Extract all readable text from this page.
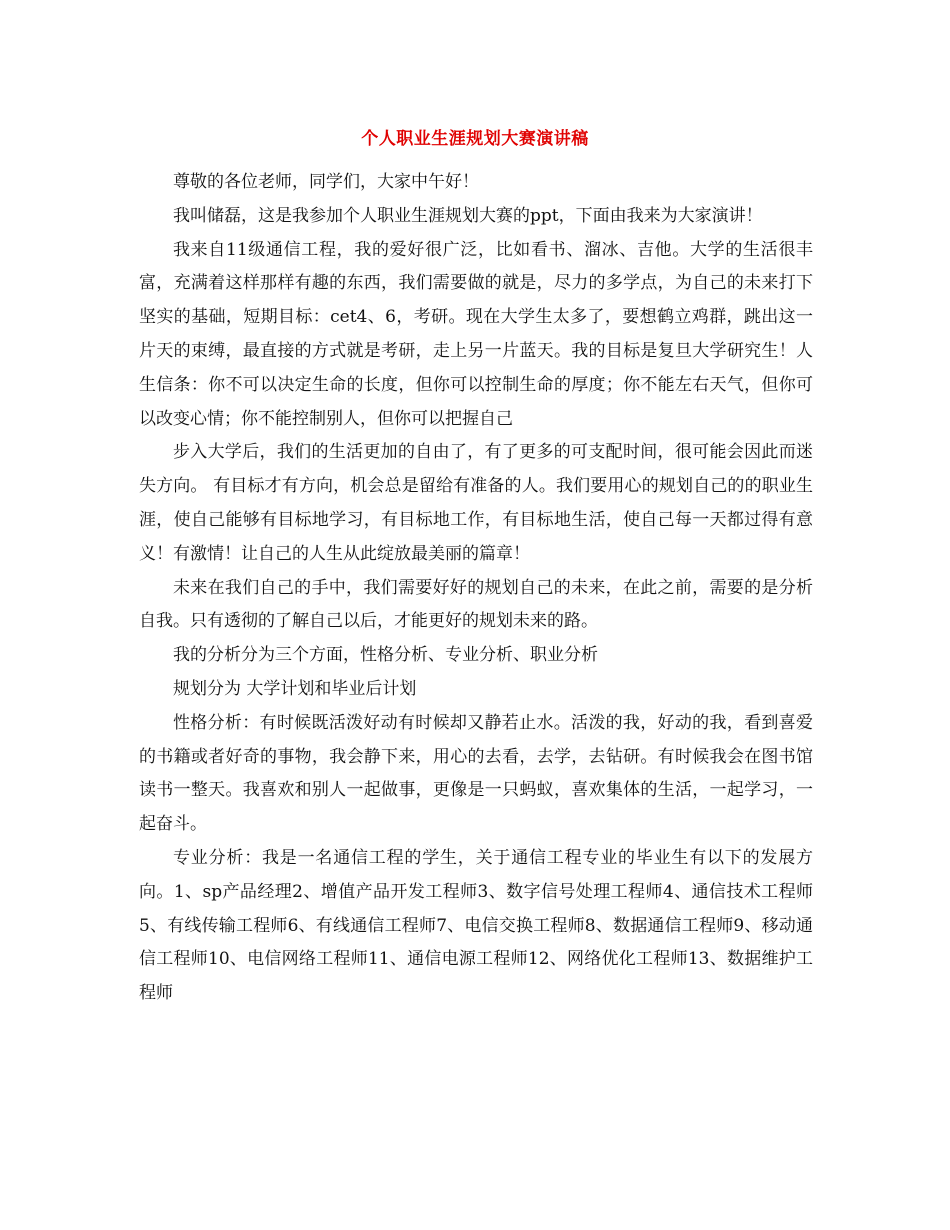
个人职业生涯规划大赛演讲稿

尊敬的各位老师，同学们，大家中午好！

我叫储磊，这是我参加个人职业生涯规划大赛的ppt，下面由我来为大家演讲！

我来自11级通信工程，我的爱好很广泛，比如看书、溜冰、吉他。大学的生活很丰富，充满着这样那样有趣的东西，我们需要做的就是，尽力的多学点，为自己的未来打下坚实的基础，短期目标：cet4、6，考研。现在大学生太多了，要想鹤立鸡群，跳出这一片天的束缚，最直接的方式就是考研，走上另一片蓝天。我的目标是复旦大学研究生！人生信条：你不可以决定生命的长度，但你可以控制生命的厚度；你不能左右天气，但你可以改变心情；你不能控制别人，但你可以把握自己

步入大学后，我们的生活更加的自由了，有了更多的可支配时间，很可能会因此而迷失方向。 有目标才有方向，机会总是留给有准备的人。我们要用心的规划自己的的职业生涯，使自己能够有目标地学习，有目标地工作，有目标地生活，使自己每一天都过得有意义！有激情！让自己的人生从此绽放最美丽的篇章！

未来在我们自己的手中，我们需要好好的规划自己的未来，在此之前，需要的是分析自我。只有透彻的了解自己以后，才能更好的规划未来的路。

我的分析分为三个方面，性格分析、专业分析、职业分析

规划分为 大学计划和毕业后计划

性格分析：有时候既活泼好动有时候却又静若止水。活泼的我，好动的我，看到喜爱的书籍或者好奇的事物，我会静下来，用心的去看，去学，去钻研。有时候我会在图书馆读书一整天。我喜欢和别人一起做事，更像是一只蚂蚁，喜欢集体的生活，一起学习，一起奋斗。

专业分析：我是一名通信工程的学生，关于通信工程专业的毕业生有以下的发展方向。1、sp产品经理2、增值产品开发工程师3、数字信号处理工程师4、通信技术工程师5、有线传输工程师6、有线通信工程师7、电信交换工程师8、数据通信工程师9、移动通信工程师10、电信网络工程师11、通信电源工程师12、网络优化工程师13、数据维护工程师
